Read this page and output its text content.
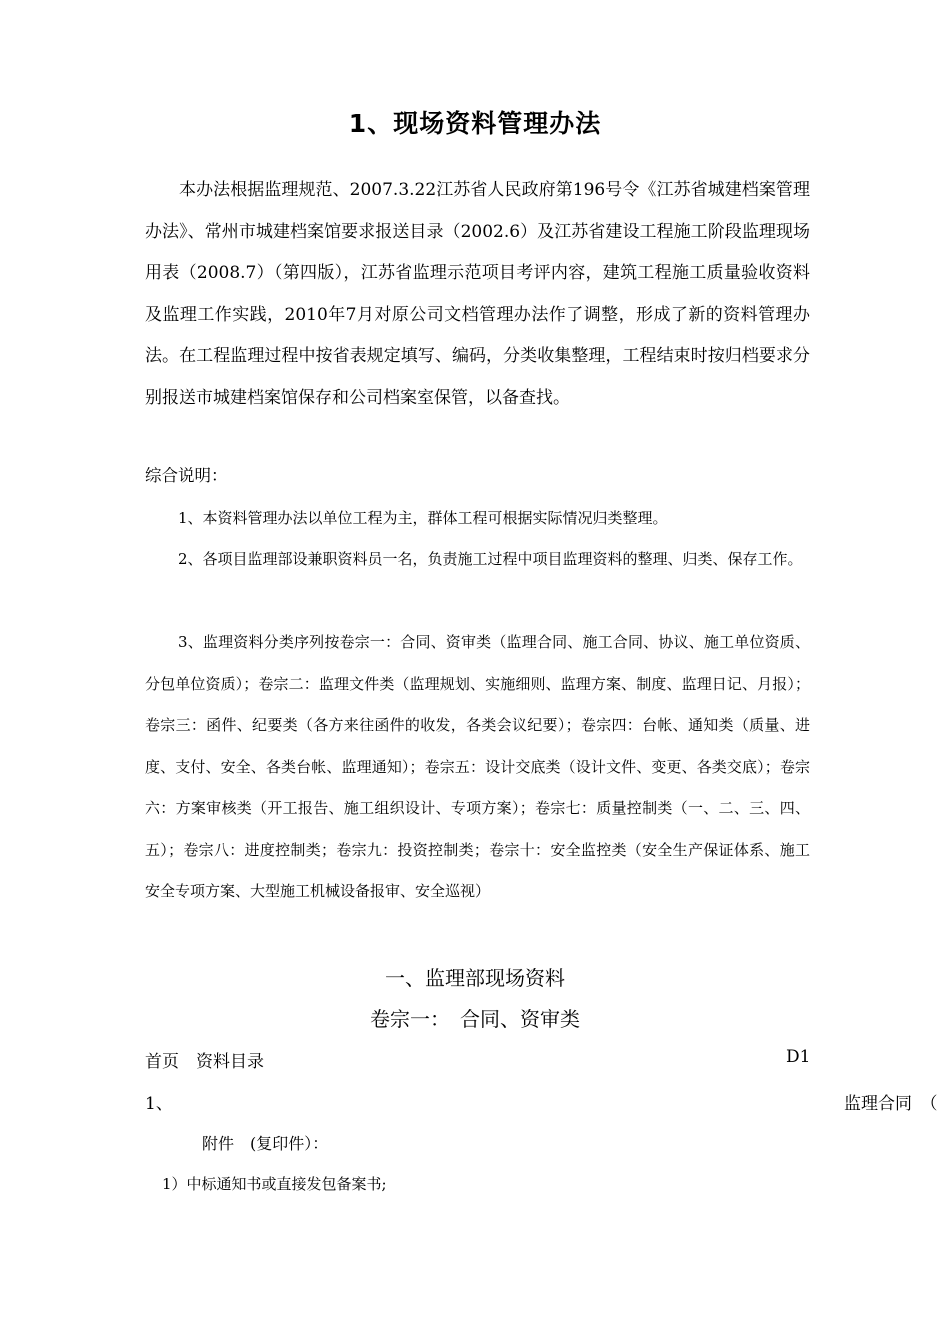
1、现场资料管理办法

本办法根据监理规范、2007.3.22江苏省人民政府第196号令《江苏省城建档案管理办法》、常州市城建档案馆要求报送目录（2002.6）及江苏省建设工程施工阶段监理现场用表（2008.7）（第四版），江苏省监理示范项目考评内容，建筑工程施工质量验收资料及监理工作实践，2010年7月对原公司文档管理办法作了调整，形成了新的资料管理办法。在工程监理过程中按省表规定填写、编码，分类收集整理，工程结束时按归档要求分别报送市城建档案馆保存和公司档案室保管，以备查找。

综合说明：

1、本资料管理办法以单位工程为主，群体工程可根据实际情况归类整理。

2、各项目监理部设兼职资料员一名，负责施工过程中项目监理资料的整理、归类、保存工作。

3、监理资料分类序列按卷宗一：合同、资审类（监理合同、施工合同、协议、施工单位资质、分包单位资质）；卷宗二：监理文件类（监理规划、实施细则、监理方案、制度、监理日记、月报）；卷宗三：函件、纪要类（各方来往函件的收发，各类会议纪要）；卷宗四：台帐、通知类（质量、进度、支付、安全、各类台帐、监理通知）；卷宗五：设计交底类（设计文件、变更、各类交底）；卷宗六：方案审核类（开工报告、施工组织设计、专项方案）；卷宗七：质量控制类（一、二、三、四、五）；卷宗八：进度控制类；卷宗九：投资控制类；卷宗十：安全监控类（安全生产保证体系、施工安全专项方案、大型施工机械设备报审、安全巡视）

一、监理部现场资料
卷宗一：　合同、资审类
首页　资料目录	D1
1、	监理合同　（
附件　(复印件）：
1）中标通知书或直接发包备案书;
